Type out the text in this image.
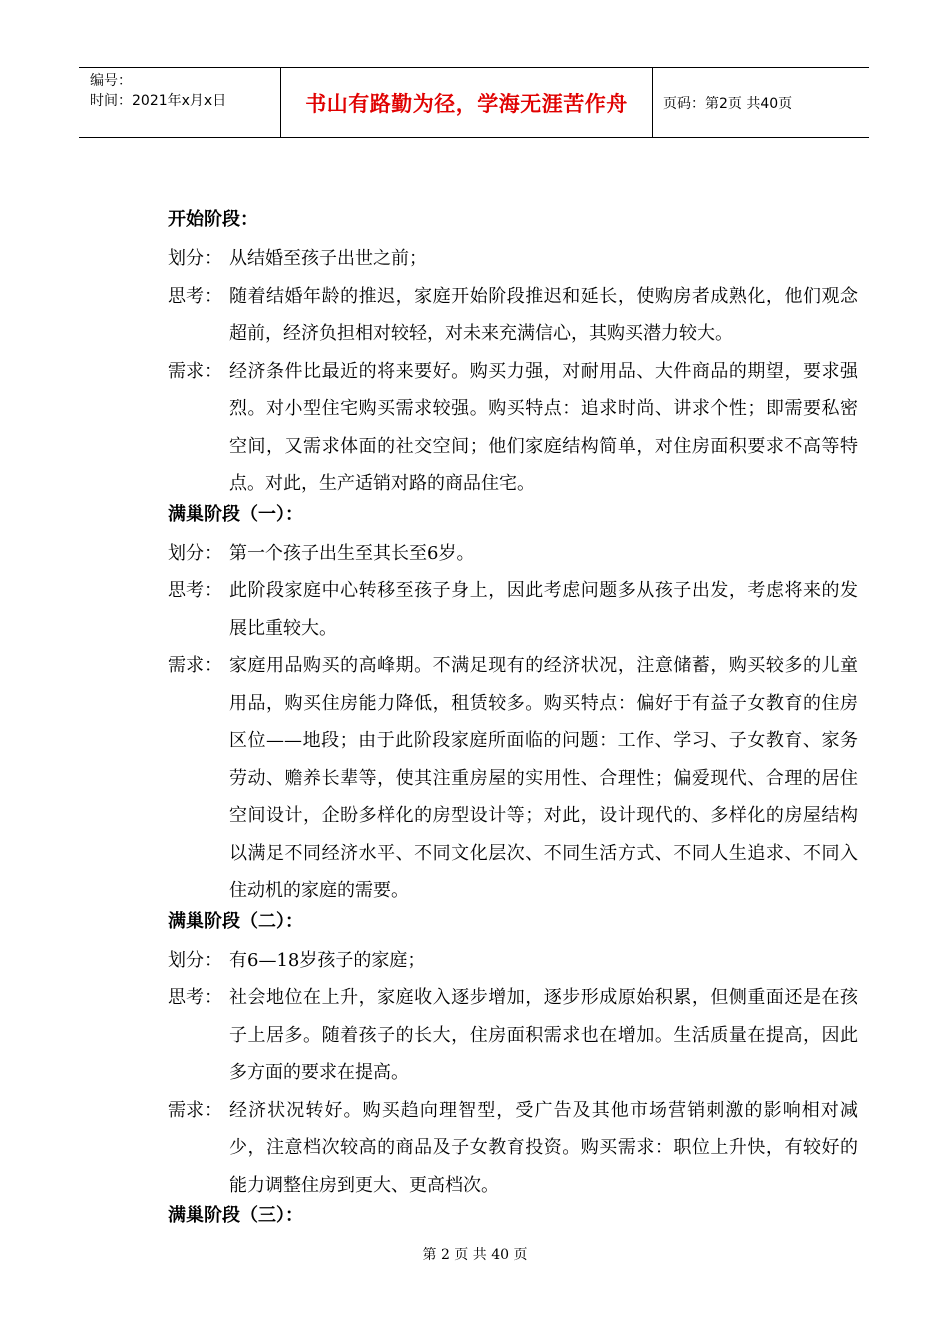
编号：
时间：2021年x月x日	书山有路勤为径，学海无涯苦作舟	页码：第2页 共40页
开始阶段：
划分： 从结婚至孩子出世之前；
思考： 随着结婚年龄的推迟，家庭开始阶段推迟和延长，使购房者成熟化，他们观念超前，经济负担相对较轻，对未来充满信心，其购买潜力较大。
需求： 经济条件比最近的将来要好。购买力强，对耐用品、大件商品的期望，要求强烈。对小型住宅购买需求较强。购买特点：追求时尚、讲求个性；即需要私密空间，又需求体面的社交空间；他们家庭结构简单，对住房面积要求不高等特点。对此，生产适销对路的商品住宅。
满巢阶段（一）：
划分： 第一个孩子出生至其长至6岁。
思考： 此阶段家庭中心转移至孩子身上，因此考虑问题多从孩子出发，考虑将来的发展比重较大。
需求： 家庭用品购买的高峰期。不满足现有的经济状况，注意储蓄，购买较多的儿童用品，购买住房能力降低，租赁较多。购买特点：偏好于有益子女教育的住房区位——地段；由于此阶段家庭所面临的问题：工作、学习、子女教育、家务劳动、赡养长辈等，使其注重房屋的实用性、合理性；偏爱现代、合理的居住空间设计，企盼多样化的房型设计等；对此，设计现代的、多样化的房屋结构以满足不同经济水平、不同文化层次、不同生活方式、不同人生追求、不同入住动机的家庭的需要。
满巢阶段（二）：
划分： 有6—18岁孩子的家庭；
思考： 社会地位在上升，家庭收入逐步增加，逐步形成原始积累，但侧重面还是在孩子上居多。随着孩子的长大，住房面积需求也在增加。生活质量在提高，因此多方面的要求在提高。
需求： 经济状况转好。购买趋向理智型，受广告及其他市场营销刺激的影响相对减少，注意档次较高的商品及子女教育投资。购买需求：职位上升快，有较好的能力调整住房到更大、更高档次。
满巢阶段（三）：
第 2 页 共 40 页
